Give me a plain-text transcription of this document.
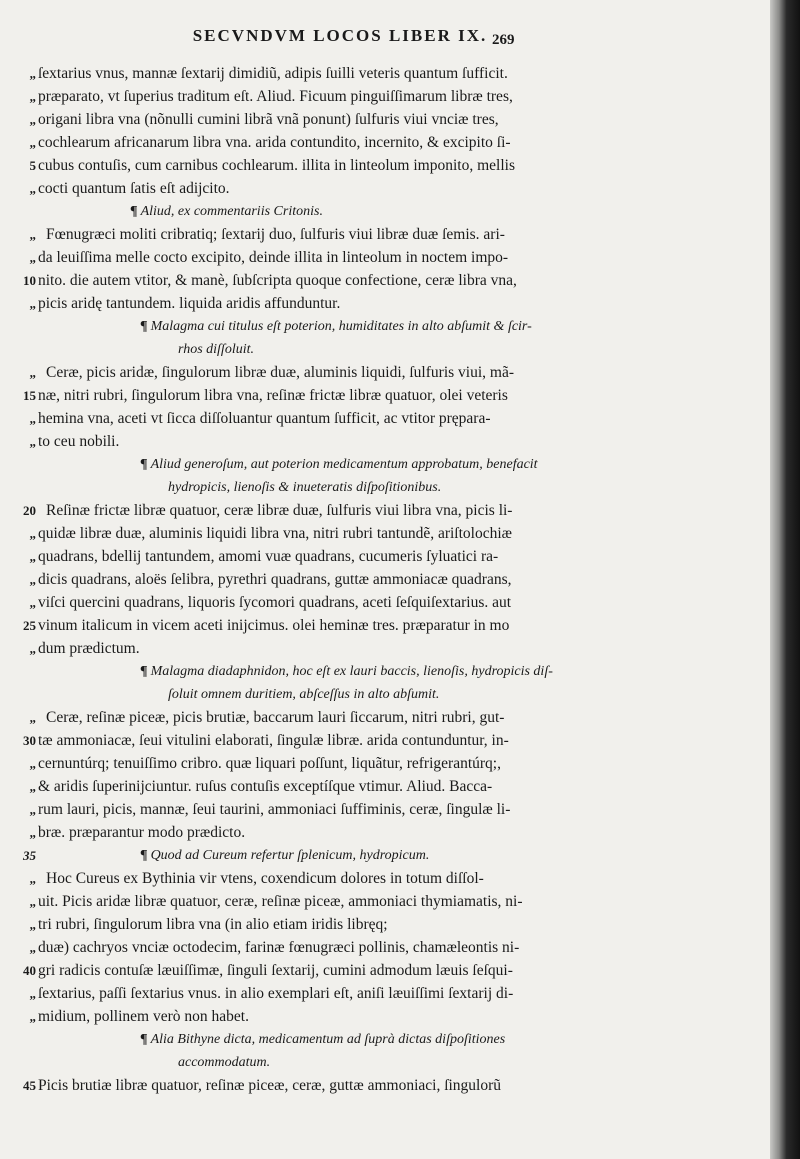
SECVNDVM LOCOS LIBER IX. 269
„ ſextarius vnus, mannæ ſextarij dimidiũ, adipis ſuilli veteris quantum ſufficit.
„ præparato, vt ſuperius traditum eſt. Aliud. Ficuum pinguiſſimarum libræ tres,
„ origani libra vna (nõnulli cumini librã vnã ponunt) ſulfuris viui vnciæ tres,
„ cochlearum africanarum libra vna. arida contundito, incernito, & excipito ſi-
5 cubus contuſis, cum carnibus cochlearum. illita in linteolum imponito, mellis
„ cocti quantum ſatis eſt adijcito.
¶ Aliud, ex commentariis Critonis.
„ Fœnugræci moliti cribratiq; ſextarij duo, ſulfuris viui libræ duæ ſemis. ari-
„ da leuiſſima melle cocto excipito, deinde illita in linteolum in noctem impo-
10 nito. die autem vtitor, & manè, ſubſcripta quoque confectione, ceræ libra vna,
„ picis aridę tantundem. liquida aridis affunduntur.
¶ Malagma cui titulus eſt poterion, humiditates in alto abſumit & ſcir-
rhos diſſoluit.
„ Ceræ, picis aridæ, ſingulorum libræ duæ, aluminis liquidi, ſulfuris viui, mã-
15 næ, nitri rubri, ſingulorum libra vna, reſinæ frictæ libræ quatuor, olei veteris
„ hemina vna, aceti vt ſicca diſſoluantur quantum ſufficit, ac vtitor prępara-
„ to ceu nobili.
¶ Aliud generoſum, aut poterion medicamentum approbatum, benefacit
hydropicis, lienoſis & inueteratis diſpoſitionibus.
20 Reſinæ frictæ libræ quatuor, ceræ libræ duæ, ſulfuris viui libra vna, picis li-
„ quidæ libræ duæ, aluminis liquidi libra vna, nitri rubri tantundẽ, ariſtolochiæ
„ quadrans, bdellij tantundem, amomi vuæ quadrans, cucumeris ſyluatici ra-
„ dicis quadrans, aloës ſelibra, pyrethri quadrans, guttæ ammoniacæ quadrans,
„ viſci quercini quadrans, liquoris ſycomori quadrans, aceti ſeſquiſextarius. aut
25 vinum italicum in vicem aceti inijcimus. olei heminæ tres. præparatur in mo
„ dum prædictum.
¶ Malagma diadaphnidon, hoc eſt ex lauri baccis, lienoſis, hydropicis diſ-
ſoluit omnem duritiem, abſceſſus in alto abſumit.
„ Ceræ, reſinæ piceæ, picis brutiæ, baccarum lauri ſiccarum, nitri rubri, gut-
30 tæ ammoniacæ, ſeui vitulini elaborati, ſingulæ libræ. arida contunduntur, in-
„ cernuntúrq; tenuiſſimo cribro. quæ liquari poſſunt, liquãtur, refrigerantúrq;,
„ & aridis ſuperinijciuntur. ruſus contuſis exceptíſque vtimur. Aliud. Bacca-
„ rum lauri, picis, mannæ, ſeui taurini, ammoniaci ſuffiminis, ceræ, ſingulæ li-
„ bræ. præparantur modo prædicto.
35
¶	Quod ad Cureum refertur ſplenicum, hydropicum.
„ Hoc Cureus ex Bythinia vir vtens, coxendicum dolores in totum diſſol-
„ uit. Picis aridæ libræ quatuor, ceræ, reſinæ piceæ, ammoniaci thymiamatis, ni-
„ tri rubri, ſingulorum libra vna (in alio etiam iridis libręq;
„ duæ) cachryos vnciæ octodecim, farinæ fœnugræci pollinis, chamæleontis ni-
40 gri radicis contuſæ læuiſſimæ, ſinguli ſextarij, cumini admodum læuis ſeſqui-
„ ſextarius, paſſi ſextarius vnus. in alio exemplari eſt, aniſi læuiſſimi ſextarij di-
„ midium, pollinem verò non habet.
¶ Alia Bithyne dicta, medicamentum ad ſuprà dictas diſpoſitiones
accommodatum.
45 Picis brutiæ libræ quatuor, reſinæ piceæ, ceræ, guttæ ammoniaci, ſingulorũ
